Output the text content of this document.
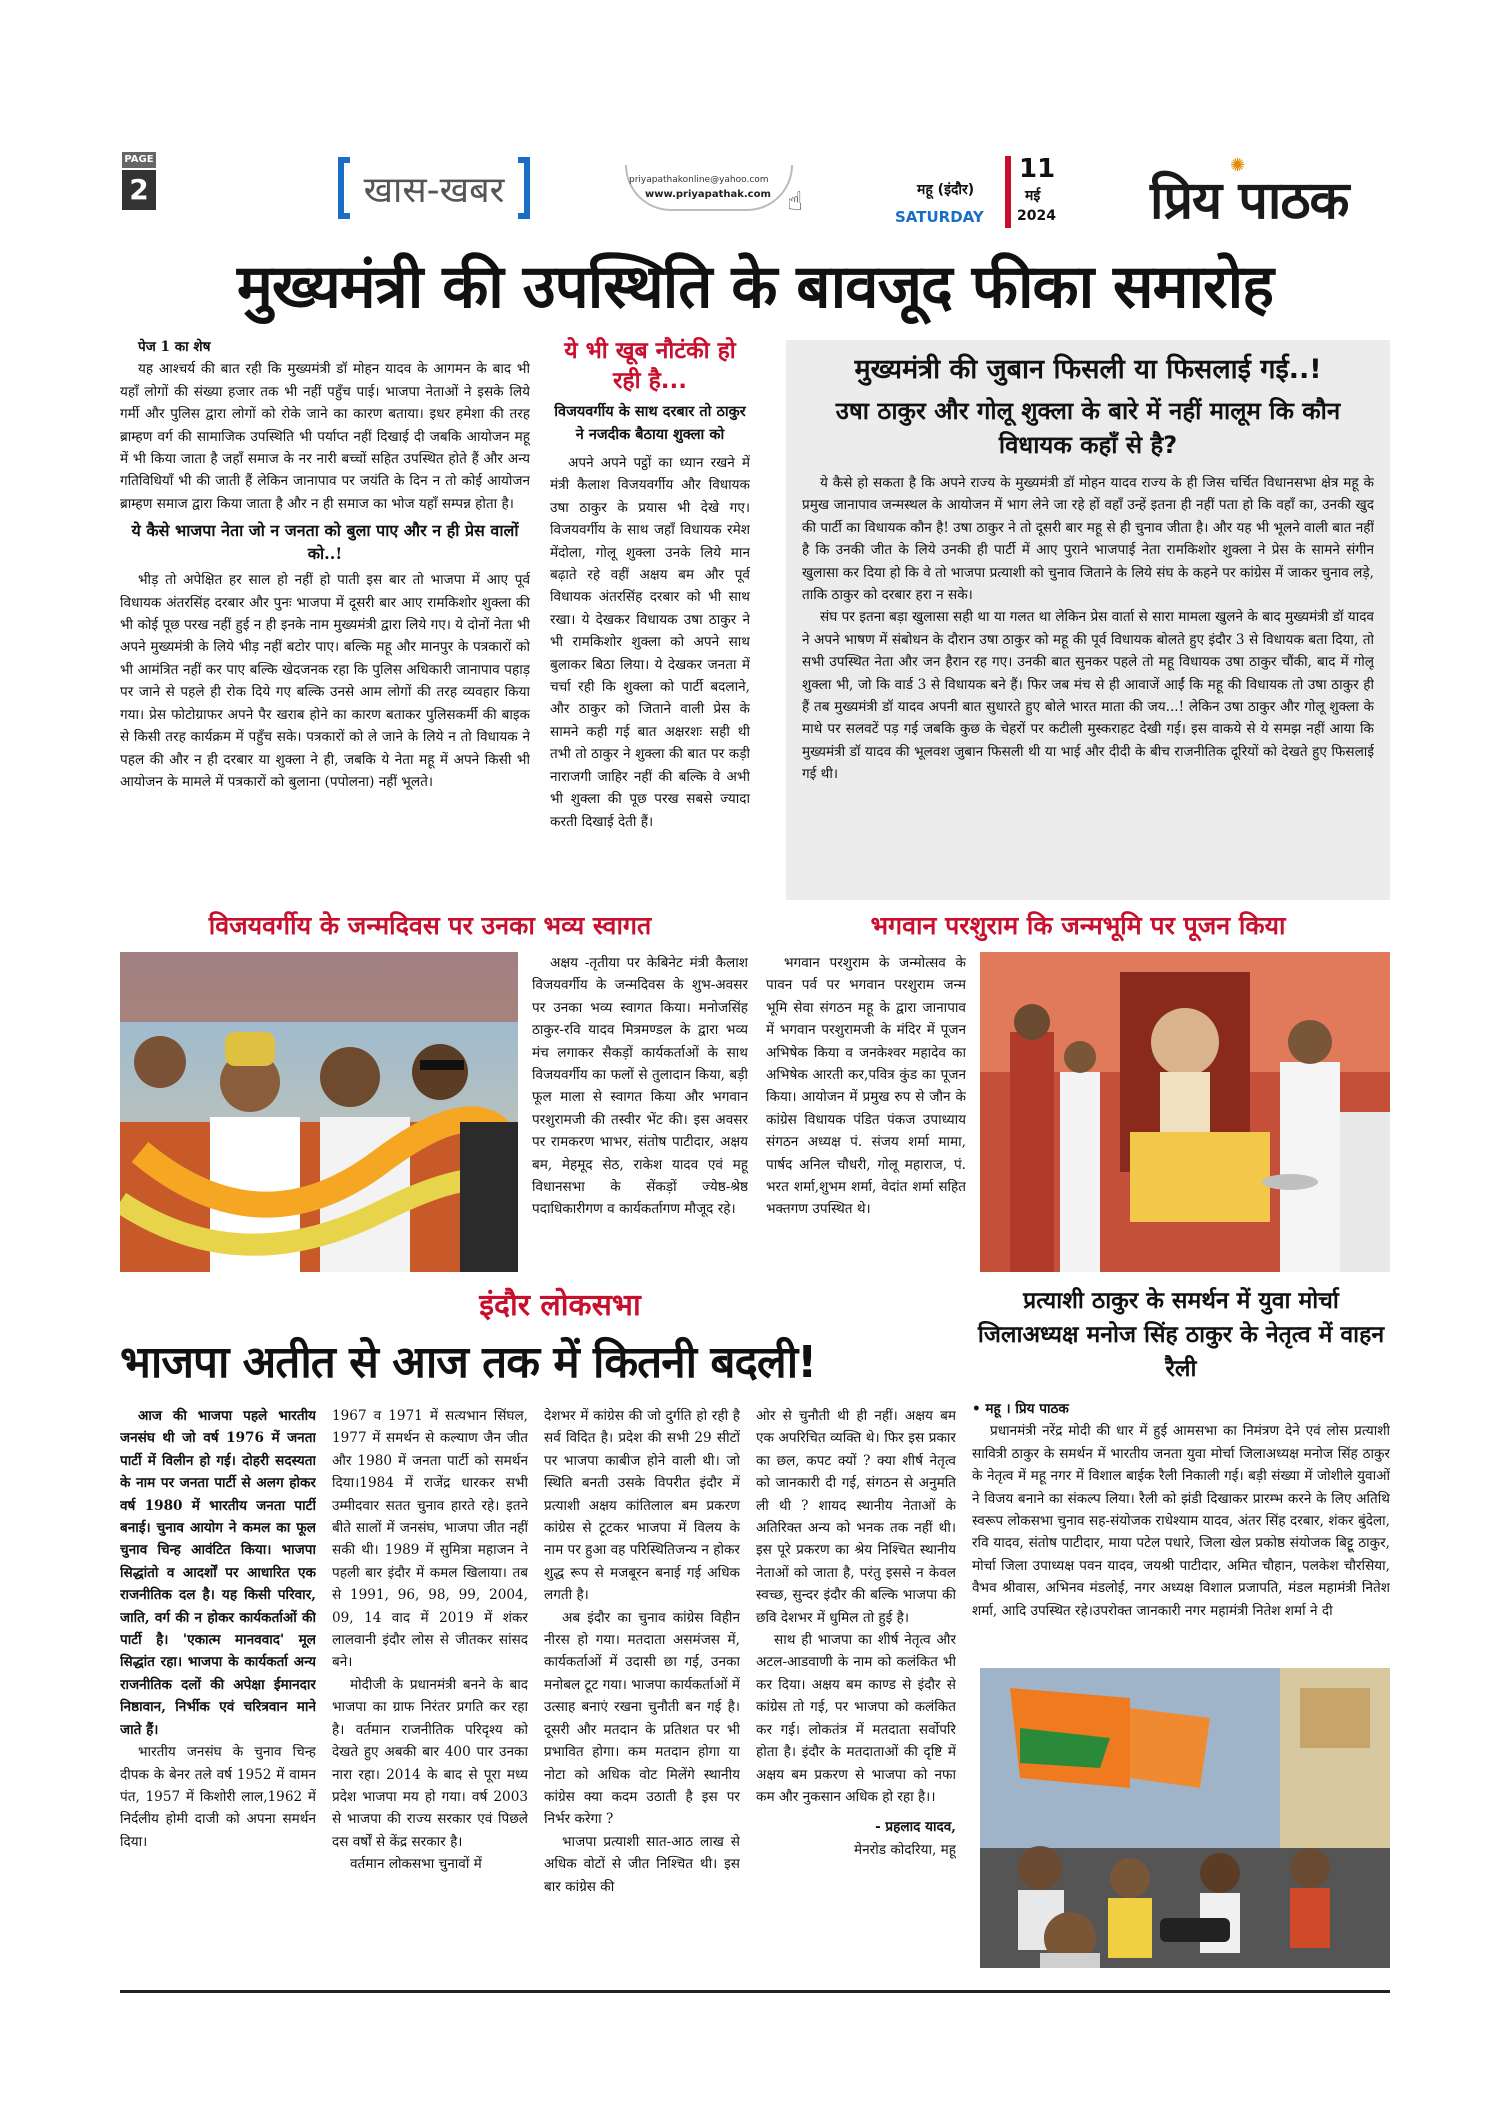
PAGE
2	खास-खबर	priyapathakonline@yahoo.com
www.priyapathak.com ☝	महू (इंदौर)
SATURDAY
11
मई
2024
✺
प्रिय पाठक
मुख्यमंत्री की उपस्थिति के बावजूद फीका समारोह
पेज 1 का शेष

यह आश्चर्य की बात रही कि मुख्यमंत्री डॉ मोहन यादव के आगमन के बाद भी यहाँ लोगों की संख्या हजार तक भी नहीं पहुँच पाई। भाजपा नेताओं ने इसके लिये गर्मी और पुलिस द्वारा लोगों को रोके जाने का कारण बताया। इधर हमेशा की तरह ब्राम्हण वर्ग की सामाजिक उपस्थिति भी पर्याप्त नहीं दिखाई दी जबकि आयोजन महू में भी किया जाता है जहाँ समाज के नर नारी बच्चों सहित उपस्थित होते हैं और अन्य गतिविधियाँ भी की जाती हैं लेकिन जानापाव पर जयंति के दिन न तो कोई आयोजन ब्राम्हण समाज द्वारा किया जाता है और न ही समाज का भोज यहाँ सम्पन्न होता है।

ये कैसे भाजपा नेता जो न जनता को बुला पाए और न ही प्रेस वालों को..!

भीड़ तो अपेक्षित हर साल हो नहीं हो पाती इस बार तो भाजपा में आए पूर्व विधायक अंतरसिंह दरबार और पुनः भाजपा में दूसरी बार आए रामकिशोर शुक्ला की भी कोई पूछ परख नहीं हुई न ही इनके नाम मुख्यमंत्री द्वारा लिये गए। ये दोनों नेता भी अपने मुख्यमंत्री के लिये भीड़ नहीं बटोर पाए। बल्कि महू और मानपुर के पत्रकारों को भी आमंत्रित नहीं कर पाए बल्कि खेदजनक रहा कि पुलिस अधिकारी जानापाव पहाड़ पर जाने से पहले ही रोक दिये गए बल्कि उनसे आम लोगों की तरह व्यवहार किया गया। प्रेस फोटोग्राफर अपने पैर खराब होने का कारण बताकर पुलिसकर्मी की बाइक से किसी तरह कार्यक्रम में पहुँच सके। पत्रकारों को ले जाने के लिये न तो विधायक ने पहल की और न ही दरबार या शुक्ला ने ही, जबकि ये नेता महू में अपने किसी भी आयोजन के मामले में पत्रकारों को बुलाना (पपोलना) नहीं भूलते।

ये भी खूब नौटंकी हो रही है...
विजयवर्गीय के साथ दरबार तो ठाकुर ने नजदीक बैठाया शुक्ला को
अपने अपने पट्ठों का ध्यान रखने में मंत्री कैलाश विजयवर्गीय और विधायक उषा ठाकुर के प्रयास भी देखे गए। विजयवर्गीय के साथ जहाँ विधायक रमेश मेंदोला, गोलू शुक्ला उनके लिये मान बढ़ाते रहे वहीं अक्षय बम और पूर्व विधायक अंतरसिंह दरबार को भी साथ रखा। ये देखकर विधायक उषा ठाकुर ने भी रामकिशोर शुक्ला को अपने साथ बुलाकर बिठा लिया। ये देखकर जनता में चर्चा रही कि शुक्ला को पार्टी बदलाने, और ठाकुर को जिताने वाली प्रेस के सामने कही गई बात अक्षरशः सही थी तभी तो ठाकुर ने शुक्ला की बात पर कड़ी नाराजगी जाहिर नहीं की बल्कि वे अभी भी शुक्ला की पूछ परख सबसे ज्यादा करती दिखाई देती हैं।
मुख्यमंत्री की जुबान फिसली या फिसलाई गई..!
उषा ठाकुर और गोलू शुक्ला के बारे में नहीं मालूम कि कौन विधायक कहाँ से है?

ये कैसे हो सकता है कि अपने राज्य के मुख्यमंत्री डॉ मोहन यादव राज्य के ही जिस चर्चित विधानसभा क्षेत्र महू के प्रमुख जानापाव जन्मस्थल के आयोजन में भाग लेने जा रहे हों वहाँ उन्हें इतना ही नहीं पता हो कि वहाँ का, उनकी खुद की पार्टी का विधायक कौन है! उषा ठाकुर ने तो दूसरी बार महू से ही चुनाव जीता है। और यह भी भूलने वाली बात नहीं है कि उनकी जीत के लिये उनकी ही पार्टी में आए पुराने भाजपाई नेता रामकिशोर शुक्ला ने प्रेस के सामने संगीन खुलासा कर दिया हो कि वे तो भाजपा प्रत्याशी को चुनाव जिताने के लिये संघ के कहने पर कांग्रेस में जाकर चुनाव लड़े, ताकि ठाकुर को दरबार हरा न सके।

संघ पर इतना बड़ा खुलासा सही था या गलत था लेकिन प्रेस वार्ता से सारा मामला खुलने के बाद मुख्यमंत्री डॉ यादव ने अपने भाषण में संबोधन के दौरान उषा ठाकुर को महू की पूर्व विधायक बोलते हुए इंदौर 3 से विधायक बता दिया, तो सभी उपस्थित नेता और जन हैरान रह गए। उनकी बात सुनकर पहले तो महू विधायक उषा ठाकुर चौंकी, बाद में गोलू शुक्ला भी, जो कि वार्ड 3 से विधायक बने हैं। फिर जब मंच से ही आवाजें आईं कि महू की विधायक तो उषा ठाकुर ही हैं तब मुख्यमंत्री डॉ यादव अपनी बात सुधारते हुए बोले भारत माता की जय...! लेकिन उषा ठाकुर और गोलू शुक्ला के माथे पर सलवटें पड़ गई जबकि कुछ के चेहरों पर कटीली मुस्कराहट देखी गई। इस वाकये से ये समझ नहीं आया कि मुख्यमंत्री डॉ यादव की भूलवश जुबान फिसली थी या भाई और दीदी के बीच राजनीतिक दूरियों को देखते हुए फिसलाई गई थी।

विजयवर्गीय के जन्मदिवस पर उनका भव्य स्वागत
अक्षय -तृतीया पर केबिनेट मंत्री कैलाश विजयवर्गीय के जन्मदिवस के शुभ-अवसर पर उनका भव्य स्वागत किया। मनोजसिंह ठाकुर-रवि यादव मित्रमण्डल के द्वारा भव्य मंच लगाकर सैकड़ों कार्यकर्ताओं के साथ विजयवर्गीय का फलों से तुलादान किया, बड़ी फूल माला से स्वागत किया और भगवान परशुरामजी की तस्वीर भेंट की। इस अवसर पर रामकरण भाभर, संतोष पाटीदार, अक्षय बम, मेहमूद सेठ, राकेश यादव एवं महू विधानसभा के सेंकड़ों ज्येष्ठ-श्रेष्ठ पदाधिकारीगण व कार्यकर्तागण मौजूद रहे।
भगवान परशुराम कि जन्मभूमि पर पूजन किया
भगवान परशुराम के जन्मोत्सव के पावन पर्व पर भगवान परशुराम जन्म भूमि सेवा संगठन महू के द्वारा जानापाव में भगवान परशुरामजी के मंदिर में पूजन अभिषेक किया व जनकेश्वर महादेव का अभिषेक आरती कर,पवित्र कुंड का पूजन किया। आयोजन में प्रमुख रुप से जौन के कांग्रेस विधायक पंडित पंकज उपाध्याय संगठन अध्यक्ष पं. संजय शर्मा मामा, पार्षद अनिल चौधरी, गोलू महाराज, पं. भरत शर्मा,शुभम शर्मा, वेदांत शर्मा सहित भक्तगण उपस्थित थे।
इंदौर लोकसभा
भाजपा अतीत से आज तक में कितनी बदली!

आज की भाजपा पहले भारतीय जनसंघ थी जो वर्ष 1976 में जनता पार्टी में विलीन हो गई। दोहरी सदस्यता के नाम पर जनता पार्टी से अलग होकर वर्ष 1980 में भारतीय जनता पार्टी बनाई। चुनाव आयोग ने कमल का फूल चुनाव चिन्ह आवंटित किया। भाजपा सिद्धांतो व आदर्शों पर आधारित एक राजनीतिक दल है। यह किसी परिवार, जाति, वर्ग की न होकर कार्यकर्ताओं की पार्टी है। 'एकात्म मानववाद' मूल सिद्धांत रहा। भाजपा के कार्यकर्ता अन्य राजनीतिक दलों की अपेक्षा ईमानदार निष्ठावान, निर्भीक एवं चरित्रवान माने जाते हैं।

भारतीय जनसंघ के चुनाव चिन्ह दीपक के बेनर तले वर्ष 1952 में वामन पंत, 1957 में किशोरी लाल,1962 में निर्दलीय होमी दाजी को अपना समर्थन दिया।

1967 व 1971 में सत्यभान सिंघल, 1977 में समर्थन से कल्याण जैन जीत और 1980 में जनता पार्टी को समर्थन दिया।1984 में राजेंद्र धारकर सभी उम्मीदवार सतत चुनाव हारते रहे। इतने बीते सालों में जनसंघ, भाजपा जीत नहीं सकी थी। 1989 में सुमित्रा महाजन ने पहली बार इंदौर में कमल खिलाया। तब से 1991, 96, 98, 99, 2004, 09, 14 वाद में 2019 में शंकर लालवानी इंदौर लोस से जीतकर सांसद बने।

मोदीजी के प्रधानमंत्री बनने के बाद भाजपा का ग्राफ निरंतर प्रगति कर रहा है। वर्तमान राजनीतिक परिदृश्य को देखते हुए अबकी बार 400 पार उनका नारा रहा। 2014 के बाद से पूरा मध्य प्रदेश भाजपा मय हो गया। वर्ष 2003 से भाजपा की राज्य सरकार एवं पिछले दस वर्षों से केंद्र सरकार है।

वर्तमान लोकसभा चुनावों में

देशभर में कांग्रेस की जो दुर्गति हो रही है सर्व विदित है। प्रदेश की सभी 29 सीटों पर भाजपा काबीज होने वाली थी। जो स्थिति बनती उसके विपरीत इंदौर में प्रत्याशी अक्षय कांतिलाल बम प्रकरण कांग्रेस से टूटकर भाजपा में विलय के नाम पर हुआ वह परिस्थितिजन्य न होकर शुद्ध रूप से मजबूरन बनाई गई अधिक लगती है।

अब इंदौर का चुनाव कांग्रेस विहीन नीरस हो गया। मतदाता असमंजस में, कार्यकर्ताओं में उदासी छा गई, उनका मनोबल टूट गया। भाजपा कार्यकर्ताओं में उत्साह बनाएं रखना चुनौती बन गई है। दूसरी और मतदान के प्रतिशत पर भी प्रभावित होगा। कम मतदान होगा या नोटा को अधिक वोट मिलेंगे स्थानीय कांग्रेस क्या कदम उठाती है इस पर निर्भर करेगा ?

भाजपा प्रत्याशी सात-आठ लाख से अधिक वोटों से जीत निश्चित थी। इस बार कांग्रेस की

ओर से चुनौती थी ही नहीं। अक्षय बम एक अपरिचित व्यक्ति थे। फिर इस प्रकार का छल, कपट क्यों ? क्या शीर्ष नेतृत्व को जानकारी दी गई, संगठन से अनुमति ली थी ? शायद स्थानीय नेताओं के अतिरिक्त अन्य को भनक तक नहीं थी। इस पूरे प्रकरण का श्रेय निश्चित स्थानीय नेताओं को जाता है, परंतु इससे न केवल स्वच्छ, सुन्दर इंदौर की बल्कि भाजपा की छवि देशभर में धुमिल तो हुई है।

साथ ही भाजपा का शीर्ष नेतृत्व और अटल-आडवाणी के नाम को कलंकित भी कर दिया। अक्षय बम काण्ड से इंदौर से कांग्रेस तो गई, पर भाजपा को कलंकित कर गई। लोकतंत्र में मतदाता सर्वोपरि होता है। इंदौर के मतदाताओं की दृष्टि में अक्षय बम प्रकरण से भाजपा को नफा कम और नुकसान अधिक हो रहा है।।

- प्रहलाद यादव,
मेनरोड कोदरिया, महू
प्रत्याशी ठाकुर के समर्थन में युवा मोर्चा जिलाअध्यक्ष मनोज सिंह ठाकुर के नेतृत्व में वाहन रैली
• महू । प्रिय पाठक

प्रधानमंत्री नरेंद्र मोदी की धार में हुई आमसभा का निमंत्रण देने एवं लोस प्रत्याशी सावित्री ठाकुर के समर्थन में भारतीय जनता युवा मोर्चा जिलाअध्यक्ष मनोज सिंह ठाकुर के नेतृत्व में महू नगर में विशाल बाईक रैली निकाली गई। बड़ी संख्या में जोशीले युवाओं ने विजय बनाने का संकल्प लिया। रैली को झंडी दिखाकर प्रारम्भ करने के लिए अतिथि स्वरूप लोकसभा चुनाव सह-संयोजक राधेश्याम यादव, अंतर सिंह दरबार, शंकर बुंदेला, रवि यादव, संतोष पाटीदार, माया पटेल पधारे, जिला खेल प्रकोष्ठ संयोजक बिट्टू ठाकुर, मोर्चा जिला उपाध्यक्ष पवन यादव, जयश्री पाटीदार, अमित चौहान, पलकेश चौरसिया, वैभव श्रीवास, अभिनव मंडलोई, नगर अध्यक्ष विशाल प्रजापति, मंडल महामंत्री नितेश शर्मा, आदि उपस्थित रहे।उपरोक्त जानकारी नगर महामंत्री नितेश शर्मा ने दी
